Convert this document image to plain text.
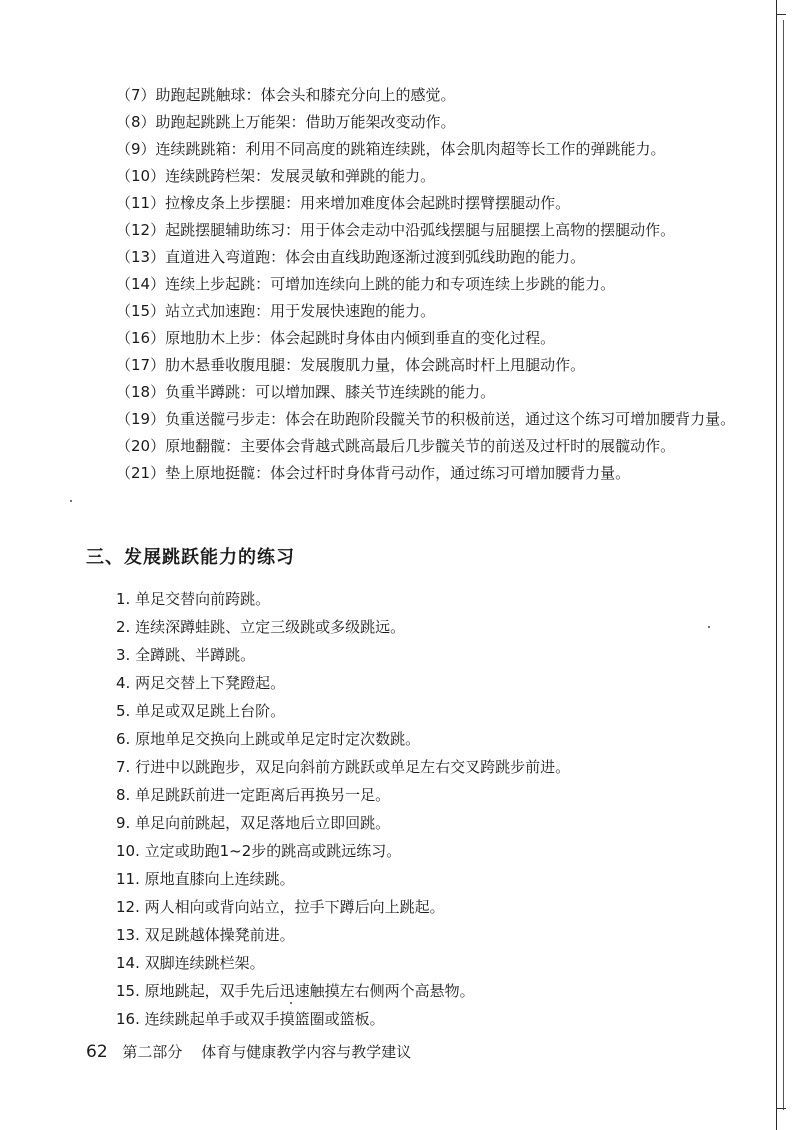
（7）助跑起跳触球：体会头和膝充分向上的感觉。
（8）助跑起跳跳上万能架：借助万能架改变动作。
（9）连续跳跳箱：利用不同高度的跳箱连续跳，体会肌肉超等长工作的弹跳能力。
（10）连续跳跨栏架：发展灵敏和弹跳的能力。
（11）拉橡皮条上步摆腿：用来增加难度体会起跳时摆臂摆腿动作。
（12）起跳摆腿辅助练习：用于体会走动中沿弧线摆腿与屈腿摆上高物的摆腿动作。
（13）直道进入弯道跑：体会由直线助跑逐渐过渡到弧线助跑的能力。
（14）连续上步起跳：可增加连续向上跳的能力和专项连续上步跳的能力。
（15）站立式加速跑：用于发展快速跑的能力。
（16）原地肋木上步：体会起跳时身体由内倾到垂直的变化过程。
（17）肋木悬垂收腹甩腿：发展腹肌力量，体会跳高时杆上甩腿动作。
（18）负重半蹲跳：可以增加踝、膝关节连续跳的能力。
（19）负重送髋弓步走：体会在助跑阶段髋关节的积极前送，通过这个练习可增加腰背力量。
（20）原地翻髋：主要体会背越式跳高最后几步髋关节的前送及过杆时的展髋动作。
（21）垫上原地挺髋：体会过杆时身体背弓动作，通过练习可增加腰背力量。
三、发展跳跃能力的练习
1. 单足交替向前跨跳。
2. 连续深蹲蛙跳、立定三级跳或多级跳远。
3. 全蹲跳、半蹲跳。
4. 两足交替上下凳蹬起。
5. 单足或双足跳上台阶。
6. 原地单足交换向上跳或单足定时定次数跳。
7. 行进中以跳跑步，双足向斜前方跳跃或单足左右交叉跨跳步前进。
8. 单足跳跃前进一定距离后再换另一足。
9. 单足向前跳起，双足落地后立即回跳。
10. 立定或助跑1~2步的跳高或跳远练习。
11. 原地直膝向上连续跳。
12. 两人相向或背向站立，拉手下蹲后向上跳起。
13. 双足跳越体操凳前进。
14. 双脚连续跳栏架。
15. 原地跳起，双手先后迅速触摸左右侧两个高悬物。
16. 连续跳起单手或双手摸篮圈或篮板。
62 第二部分 体育与健康教学内容与教学建议
